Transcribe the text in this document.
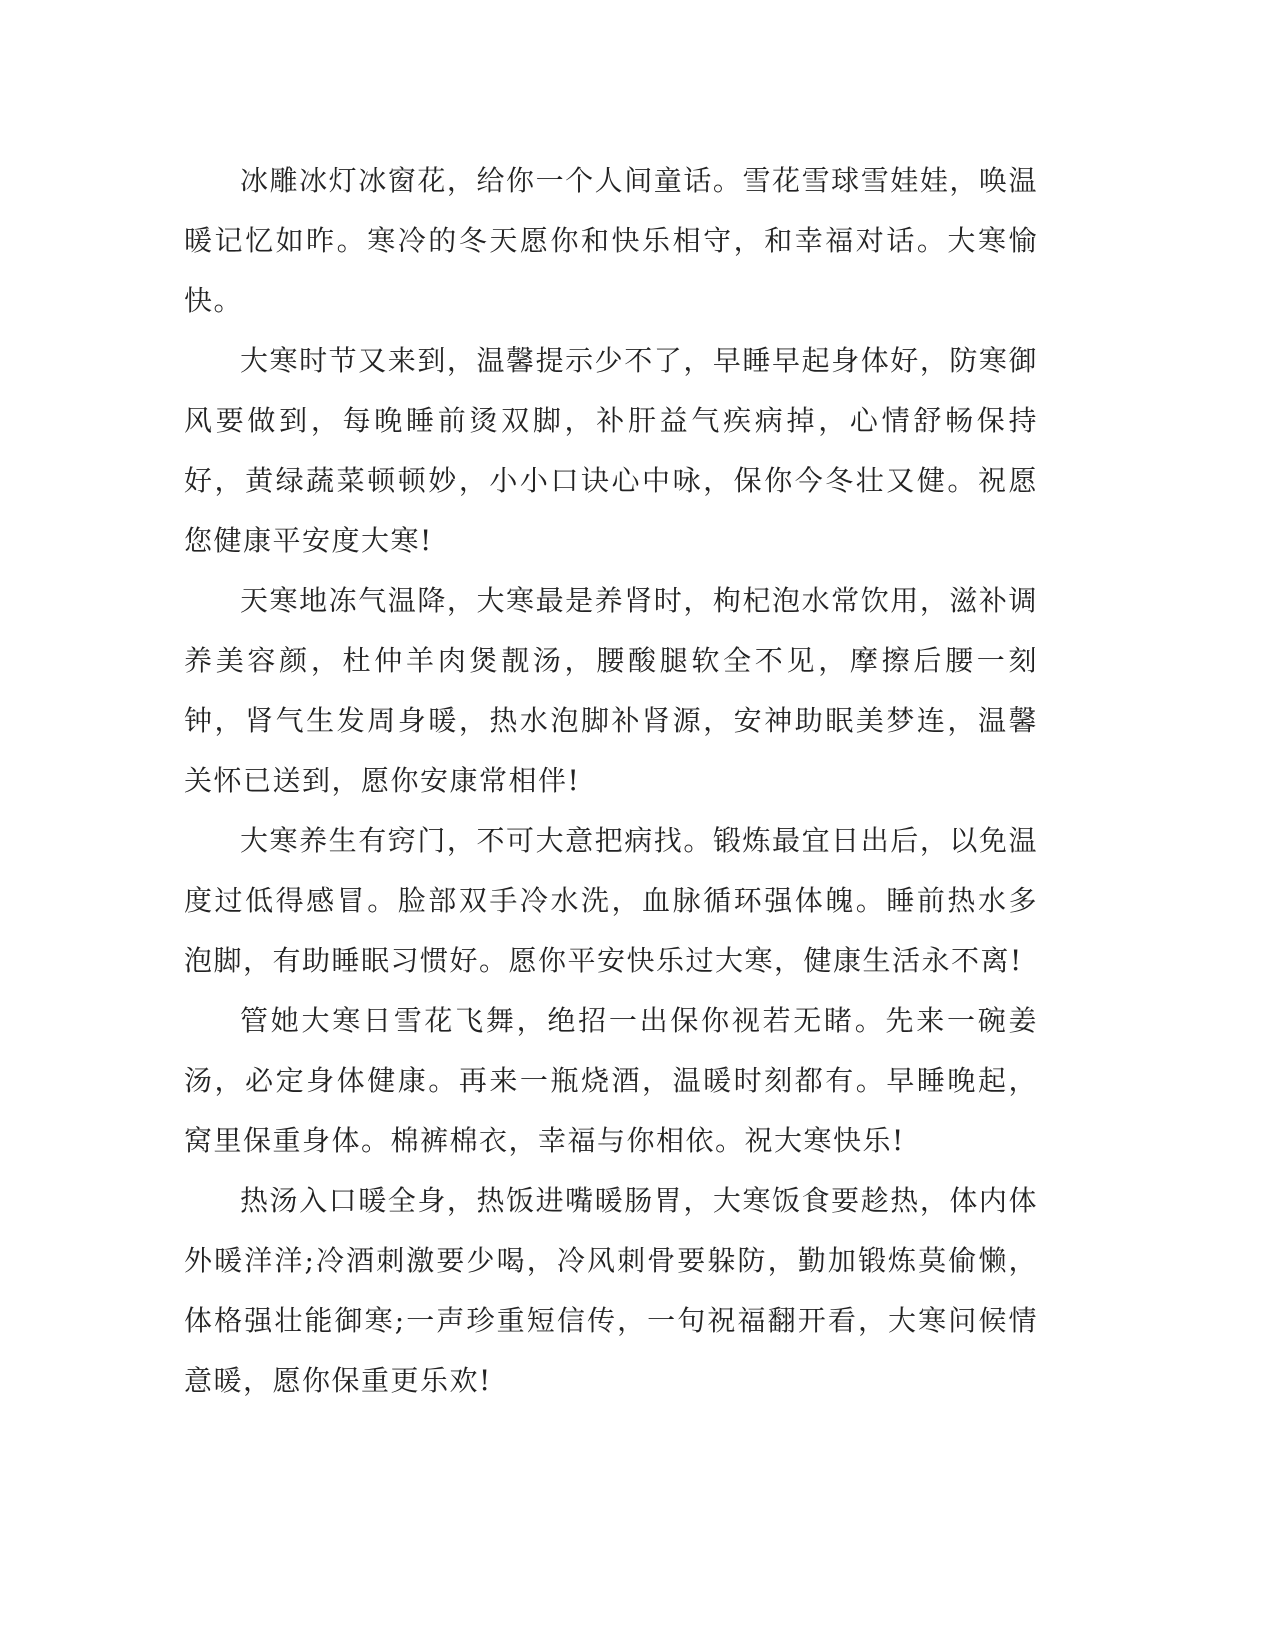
冰雕冰灯冰窗花，给你一个人间童话。雪花雪球雪娃娃，唤温暖记忆如昨。寒冷的冬天愿你和快乐相守，和幸福对话。大寒愉快。

大寒时节又来到，温馨提示少不了，早睡早起身体好，防寒御风要做到，每晚睡前烫双脚，补肝益气疾病掉，心情舒畅保持好，黄绿蔬菜顿顿妙，小小口诀心中咏，保你今冬壮又健。祝愿您健康平安度大寒!

天寒地冻气温降，大寒最是养肾时，枸杞泡水常饮用，滋补调养美容颜，杜仲羊肉煲靓汤，腰酸腿软全不见，摩擦后腰一刻钟，肾气生发周身暖，热水泡脚补肾源，安神助眠美梦连，温馨关怀已送到，愿你安康常相伴!

大寒养生有窍门，不可大意把病找。锻炼最宜日出后，以免温度过低得感冒。脸部双手冷水洗，血脉循环强体魄。睡前热水多泡脚，有助睡眠习惯好。愿你平安快乐过大寒，健康生活永不离!

管她大寒日雪花飞舞，绝招一出保你视若无睹。先来一碗姜汤，必定身体健康。再来一瓶烧酒，温暖时刻都有。早睡晚起，窝里保重身体。棉裤棉衣，幸福与你相依。祝大寒快乐!

热汤入口暖全身，热饭进嘴暖肠胃，大寒饭食要趁热，体内体外暖洋洋;冷酒刺激要少喝，冷风刺骨要躲防，勤加锻炼莫偷懒，体格强壮能御寒;一声珍重短信传，一句祝福翻开看，大寒问候情意暖，愿你保重更乐欢!
